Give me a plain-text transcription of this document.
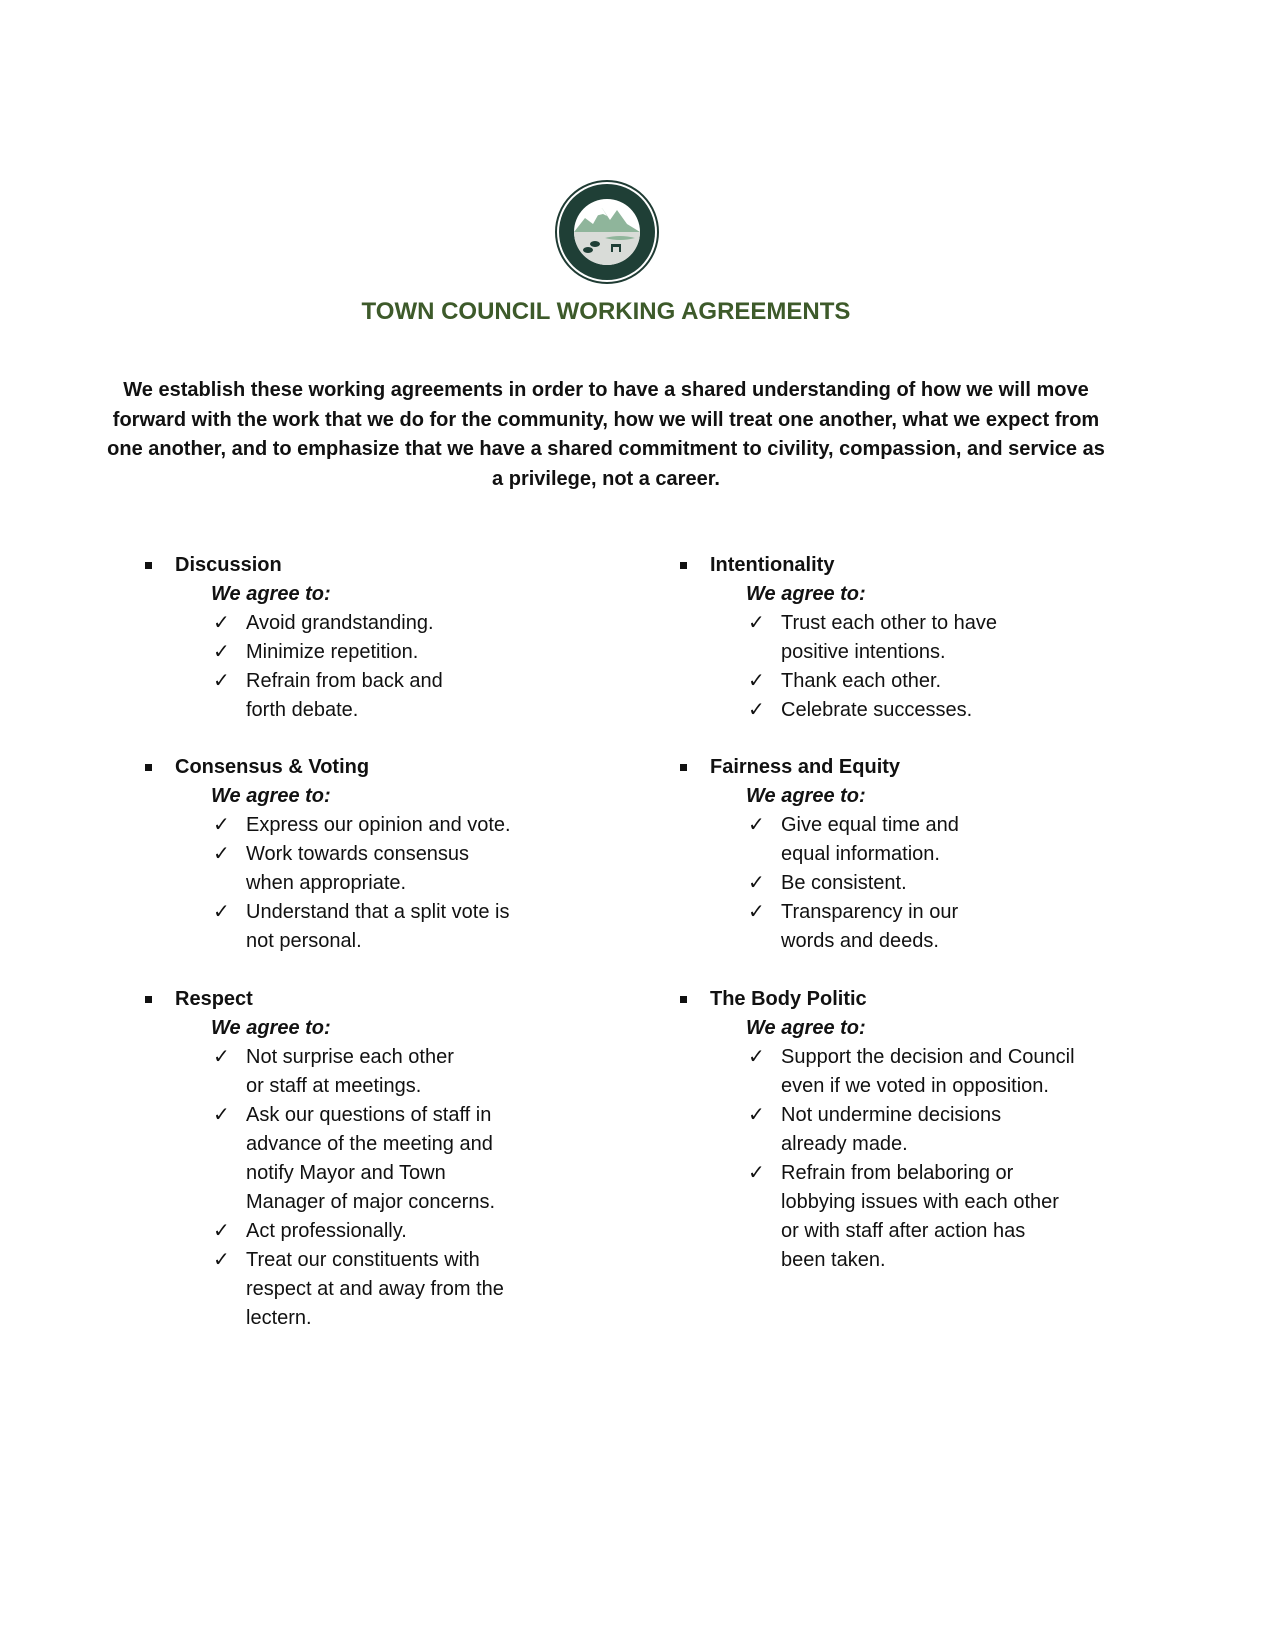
TOWN COUNCIL WORKING AGREEMENTS
We establish these working agreements in order to have a shared understanding of how we will move forward with the work that we do for the community, how we will treat one another, what we expect from one another, and to emphasize that we have a shared commitment to civility, compassion, and service as a privilege, not a career.
Discussion
We agree to:
✓ Avoid grandstanding.
✓ Minimize repetition.
✓ Refrain from back and
forth debate.
Intentionality
We agree to:
✓ Trust each other to have
positive intentions.
✓ Thank each other.
✓ Celebrate successes.
Consensus & Voting
We agree to:
✓ Express our opinion and vote.
✓ Work towards consensus
when appropriate.
✓ Understand that a split vote is
not personal.
Fairness and Equity
We agree to:
✓ Give equal time and
equal information.
✓ Be consistent.
✓ Transparency in our
words and deeds.
Respect
We agree to:
✓ Not surprise each other
or staff at meetings.
✓ Ask our questions of staff in
advance of the meeting and
notify Mayor and Town
Manager of major concerns.
✓ Act professionally.
✓ Treat our constituents with
respect at and away from the
lectern.
The Body Politic
We agree to:
✓ Support the decision and Council
even if we voted in opposition.
✓ Not undermine decisions
already made.
✓ Refrain from belaboring or
lobbying issues with each other
or with staff after action has
been taken.
